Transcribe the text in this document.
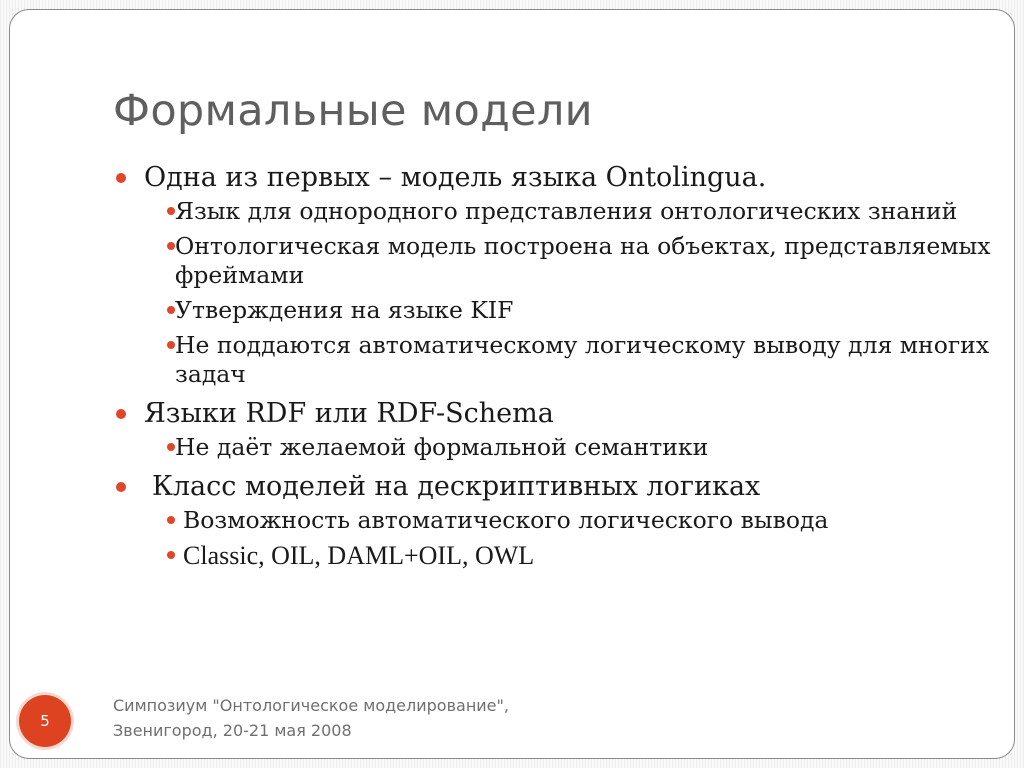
Формальные модели
Одна из первых – модель языка Ontolingua.
Язык для однородного представления онтологических знаний
Онтологическая модель построена на объектах, представляемых фреймами
Утверждения на языке KIF
Не поддаются автоматическому логическому выводу для многих задач
Языки RDF или RDF-Schema
Не даёт желаемой формальной семантики
Класс моделей на дескриптивных логиках
Возможность автоматического логического вывода
Classic, OIL, DAML+OIL, OWL
Симпозиум "Онтологическое моделирование",
Звенигород, 20-21 мая 2008
5
